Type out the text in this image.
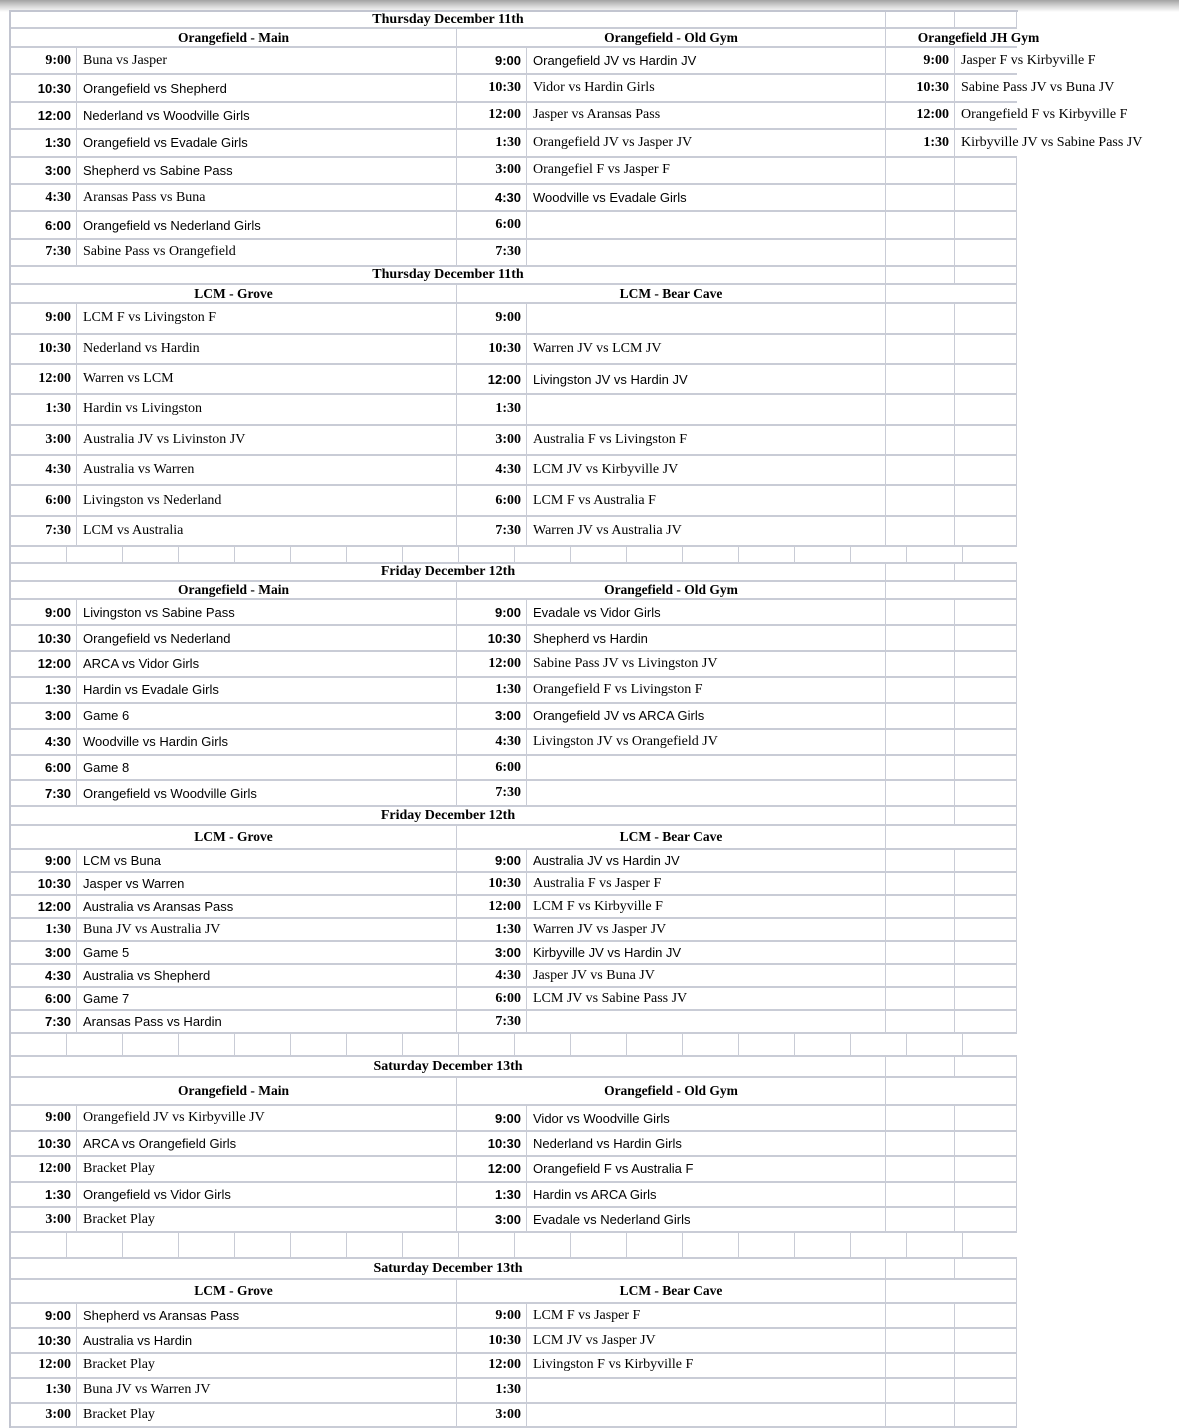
Thursday December 11th
Orangefield - Main	Orangefield - Old Gym	Orangefield JH Gym
9:00 Buna vs Jasper	9:00 Orangefield JV vs Hardin JV	9:00 Jasper F vs Kirbyville F
10:30 Orangefield vs Shepherd	10:30 Vidor vs Hardin Girls	10:30 Sabine Pass JV vs Buna JV
12:00 Nederland vs Woodville Girls	12:00 Jasper vs Aransas Pass	12:00 Orangefield F vs Kirbyville F
1:30 Orangefield vs Evadale Girls	1:30 Orangefield JV vs Jasper JV	1:30 Kirbyville JV vs Sabine Pass JV
3:00 Shepherd vs Sabine Pass	3:00 Orangefiel F vs Jasper F
4:30 Aransas Pass vs Buna	4:30 Woodville vs Evadale Girls
6:00 Orangefield vs Nederland Girls	6:00
7:30 Sabine Pass vs Orangefield	7:30
Thursday December 11th
LCM - Grove	LCM - Bear Cave
9:00 LCM F vs Livingston F	9:00
10:30 Nederland vs Hardin	10:30 Warren JV vs LCM JV
12:00 Warren vs LCM	12:00 Livingston JV vs Hardin JV
1:30 Hardin vs Livingston	1:30
3:00 Australia JV vs Livinston JV	3:00 Australia F vs Livingston F
4:30 Australia vs Warren	4:30 LCM JV vs Kirbyville JV
6:00 Livingston vs Nederland	6:00 LCM F vs Australia F
7:30 LCM vs Australia	7:30 Warren JV vs Australia JV
Friday December 12th
Orangefield - Main	Orangefield - Old Gym
9:00 Livingston vs Sabine Pass	9:00 Evadale vs Vidor Girls
10:30 Orangefield vs Nederland	10:30 Shepherd vs Hardin
12:00 ARCA vs Vidor Girls	12:00 Sabine Pass JV vs Livingston JV
1:30 Hardin vs Evadale Girls	1:30 Orangefield F vs Livingston F
3:00 Game 6	3:00 Orangefield JV vs ARCA Girls
4:30 Woodville vs Hardin Girls	4:30 Livingston JV vs Orangefield JV
6:00 Game 8	6:00
7:30 Orangefield vs Woodville Girls	7:30
Friday December 12th
LCM - Grove	LCM - Bear Cave
9:00 LCM vs Buna	9:00 Australia JV vs Hardin JV
10:30 Jasper vs Warren	10:30 Australia F vs Jasper F
12:00 Australia vs Aransas Pass	12:00 LCM F vs Kirbyville F
1:30 Buna JV vs Australia JV	1:30 Warren JV vs Jasper JV
3:00 Game 5	3:00 Kirbyville JV vs Hardin JV
4:30 Australia vs Shepherd	4:30 Jasper JV vs Buna JV
6:00 Game 7	6:00 LCM JV vs Sabine Pass JV
7:30 Aransas Pass vs Hardin	7:30
Saturday December 13th
Orangefield - Main	Orangefield - Old Gym
9:00 Orangefield JV vs Kirbyville JV	9:00 Vidor vs Woodville Girls
10:30 ARCA vs Orangefield Girls	10:30 Nederland vs Hardin Girls
12:00 Bracket Play	12:00 Orangefield F vs Australia F
1:30 Orangefield vs Vidor Girls	1:30 Hardin vs ARCA Girls
3:00 Bracket Play	3:00 Evadale vs Nederland Girls
Saturday December 13th
LCM - Grove	LCM - Bear Cave
9:00 Shepherd vs Aransas Pass	9:00 LCM F vs Jasper F
10:30 Australia vs Hardin	10:30 LCM JV vs Jasper JV
12:00 Bracket Play	12:00 Livingston F vs Kirbyville F
1:30 Buna JV vs Warren JV	1:30
3:00 Bracket Play	3:00
